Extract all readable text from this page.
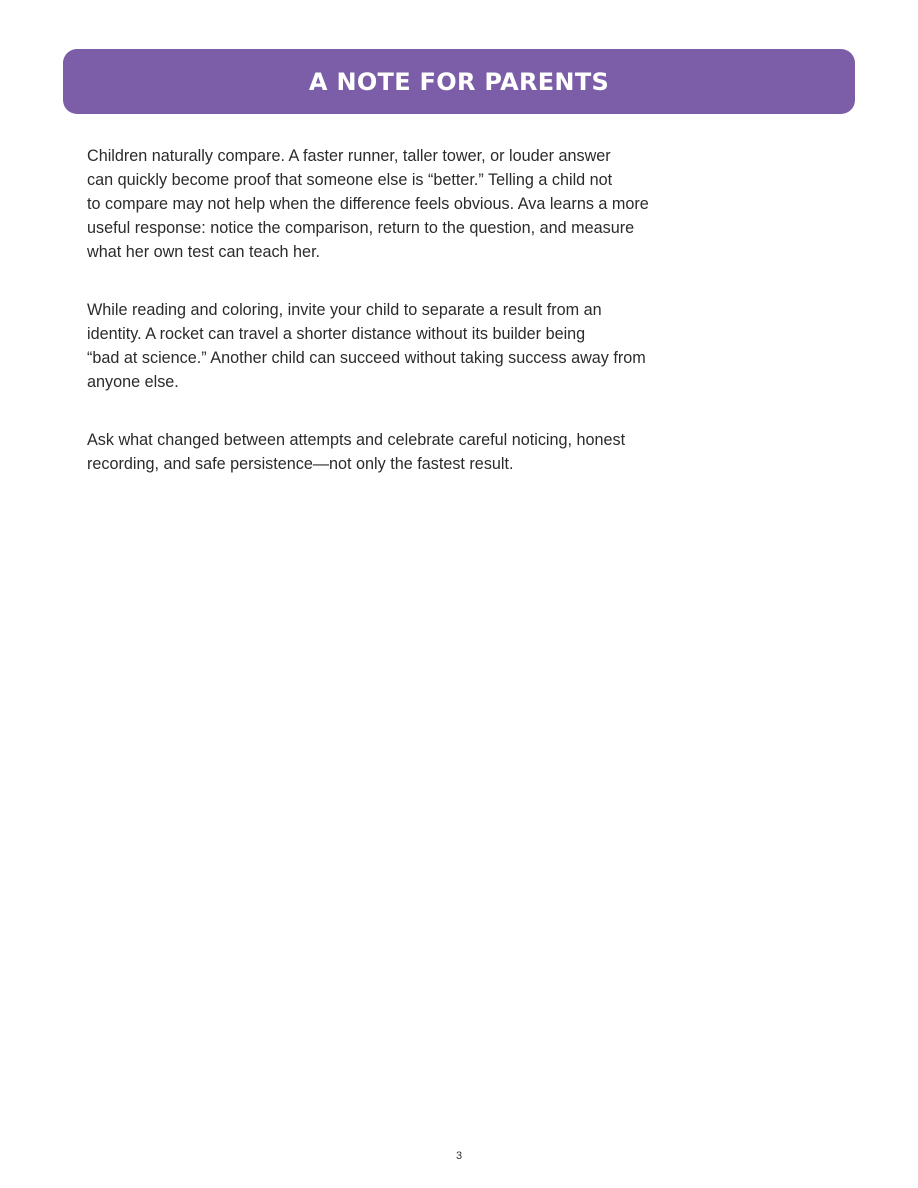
A NOTE FOR PARENTS

Children naturally compare. A faster runner, taller tower, or louder answer
can quickly become proof that someone else is “better.” Telling a child not
to compare may not help when the difference feels obvious. Ava learns a more
useful response: notice the comparison, return to the question, and measure
what her own test can teach her.

While reading and coloring, invite your child to separate a result from an
identity. A rocket can travel a shorter distance without its builder being
“bad at science.” Another child can succeed without taking success away from
anyone else.

Ask what changed between attempts and celebrate careful noticing, honest
recording, and safe persistence—not only the fastest result.

3
